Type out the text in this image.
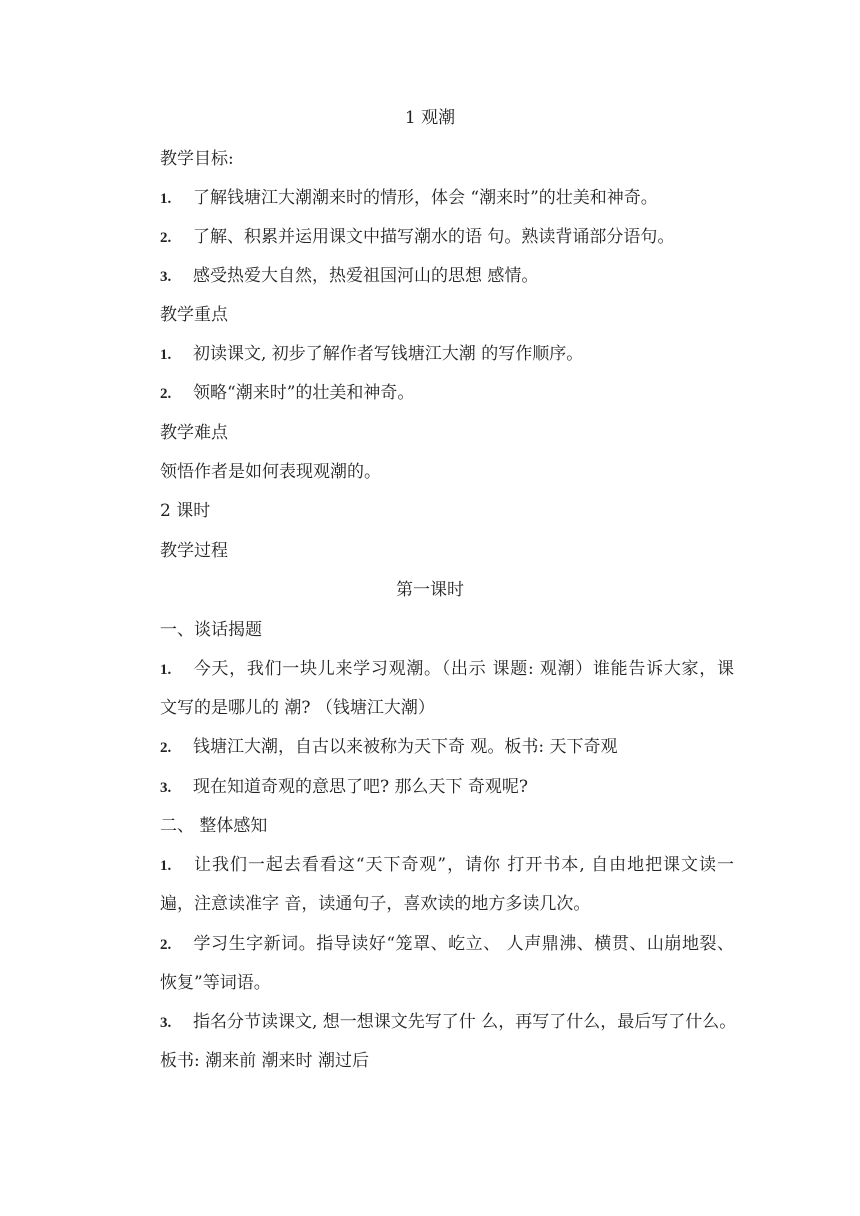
1 观潮
教学目标:
1. 了解钱塘江大潮潮来时的情形，体会 “潮来时”的壮美和神奇。
2. 了解、积累并运用课文中描写潮水的语 句。熟读背诵部分语句。
3. 感受热爱大自然，热爱祖国河山的思想 感情。
教学重点
1. 初读课文, 初步了解作者写钱塘江大潮 的写作顺序。
2. 领略“潮来时”的壮美和神奇。
教学难点
领悟作者是如何表现观潮的。
2 课时
教学过程
第一课时
一、谈话揭题
1. 今天，我们一块儿来学习观潮。（出示 课题: 观潮）谁能告诉大家，课
文写的是哪儿的 潮? （钱塘江大潮）
2. 钱塘江大潮，自古以来被称为天下奇 观。板书: 天下奇观
3. 现在知道奇观的意思了吧? 那么天下 奇观呢?
二、 整体感知
1. 让我们一起去看看这“天下奇观”，请你 打开书本, 自由地把课文读一
遍，注意读准字 音，读通句子，喜欢读的地方多读几次。
2. 学习生字新词。指导读好“笼罩、屹立、 人声鼎沸、横贯、山崩地裂、
恢复”等词语。
3. 指名分节读课文, 想一想课文先写了什 么，再写了什么，最后写了什么。
板书: 潮来前 潮来时 潮过后
